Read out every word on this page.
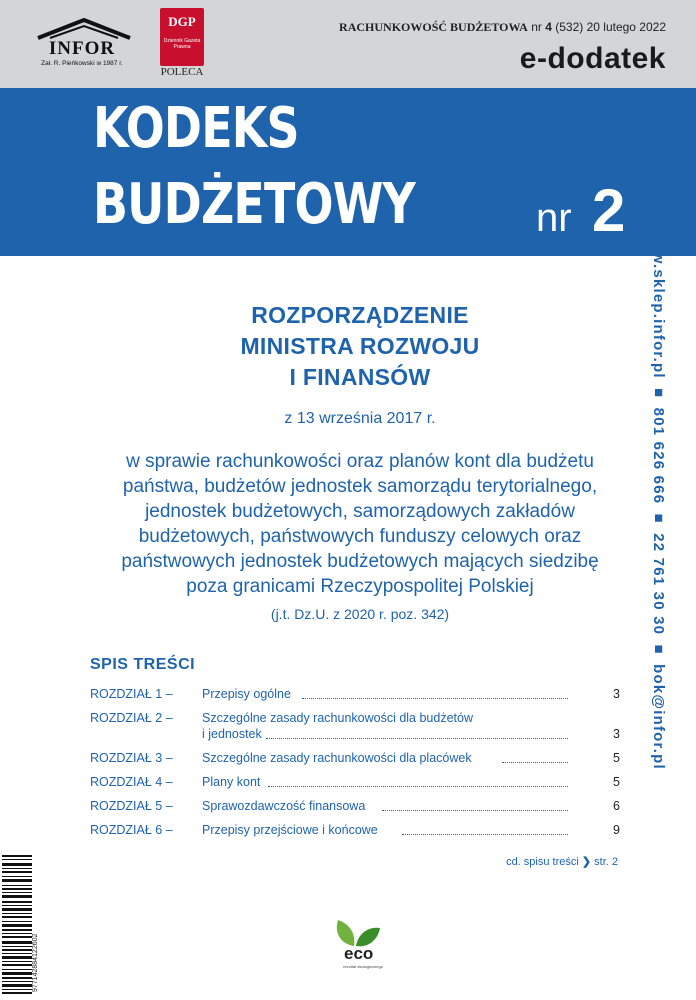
INFOR
Zał. R. Pieńkowski w 1987 r.
DGP
Dziennik Gazeta Prawna
POLECA
RACHUNKOWOŚĆ BUDŻETOWA nr 4 (532) 20 lutego 2022
e-dodatek
KODEKS
BUDŻETOWY	nr 2
www.sklep.infor.pl ■ 801 626 666 ■ 22 761 30 30 ■ bok@infor.pl
ROZPORZĄDZENIE
MINISTRA ROZWOJU
I FINANSÓW
z 13 września 2017 r.
w sprawie rachunkowości oraz planów kont dla budżetu
państwa, budżetów jednostek samorządu terytorialnego,
jednostek budżetowych, samorządowych zakładów
budżetowych, państwowych funduszy celowych oraz
państwowych jednostek budżetowych mających siedzibę
poza granicami Rzeczypospolitej Polskiej
(j.t. Dz.U. z 2020 r. poz. 342)
SPIS TREŚCI
ROZDZIAŁ 1 – Przepisy ogólne	3
ROZDZIAŁ 2 – Szczególne zasady rachunkowości dla budżetów

i jednostek	3
ROZDZIAŁ 3 – Szczególne zasady rachunkowości dla placówek	5
ROZDZIAŁ 4 – Plany kont	5
ROZDZIAŁ 5 – Sprawozdawczość finansowa	6
ROZDZIAŁ 6 – Przepisy przejściowe i końcowe	9
cd. spisu treści ❯ str. 2
977142884122602	eco
rezultat ekologicznego
